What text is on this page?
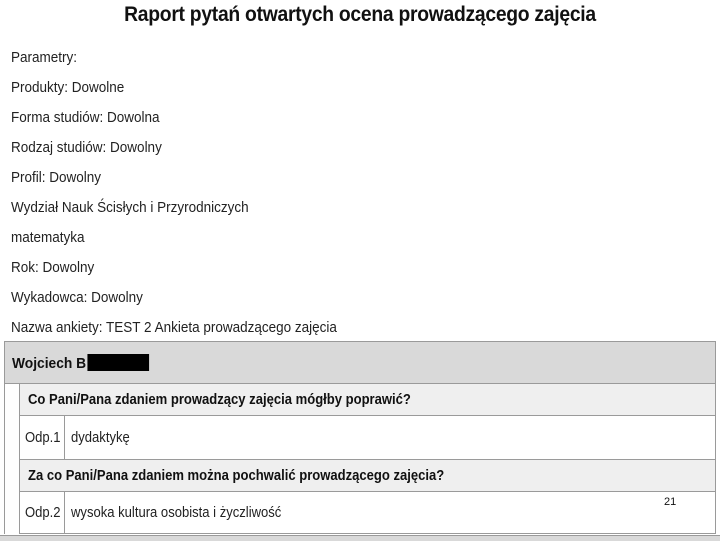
Raport pytań otwartych ocena prowadzącego zajęcia
Parametry:
Produkty: Dowolne
Forma studiów: Dowolna
Rodzaj studiów: Dowolny
Profil: Dowolny
Wydział Nauk Ścisłych i Przyrodniczych
matematyka
Rok: Dowolny
Wykadowca: Dowolny
Nazwa ankiety: TEST 2 Ankieta prowadzącego zajęcia
Wojciech B
Co Pani/Pana zdaniem prowadzący zajęcia mógłby poprawić?
Odp.1 dydaktykę
Za co Pani/Pana zdaniem można pochwalić prowadzącego zajęcia?
Odp.2 wysoka kultura osobista i życzliwość
21
